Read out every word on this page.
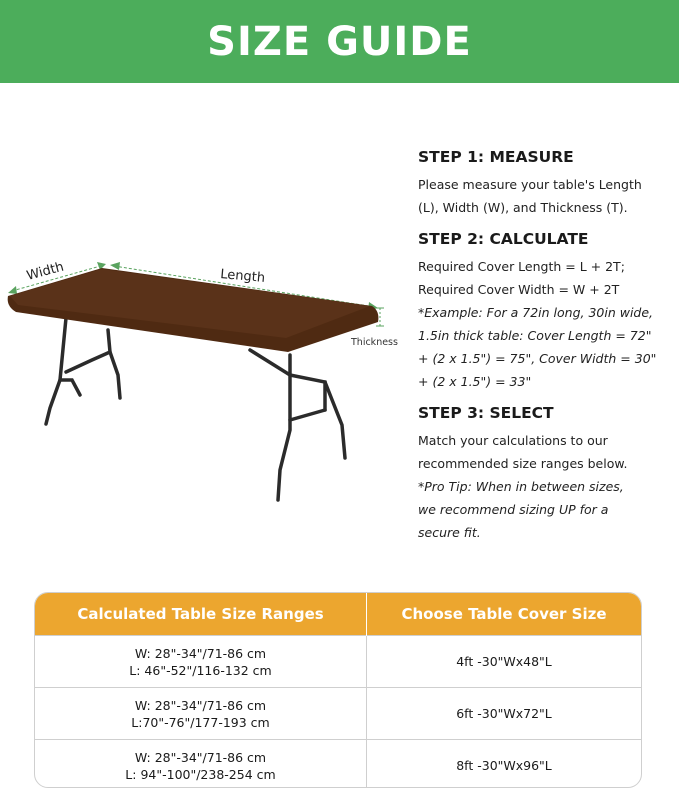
SIZE GUIDE
Width	Length
Thickness
STEP 1: MEASURE

Please measure your table's Length
(L), Width (W), and Thickness (T).

STEP 2: CALCULATE

Required Cover Length = L + 2T;
Required Cover Width = W + 2T
*Example: For a 72in long, 30in wide,
1.5in thick table: Cover Length = 72"
+ (2 x 1.5") = 75", Cover Width = 30"
+ (2 x 1.5") = 33"

STEP 3: SELECT

Match your calculations to our
recommended size ranges below.
*Pro Tip: When in between sizes,
we recommend sizing UP for a
secure fit.

Calculated Table Size Ranges	Choose Table Cover Size

W: 28"-34"/71-86 cm
L: 46"-52"/116-132 cm	4ft -30"Wx48"L

W: 28"-34"/71-86 cm
L:70"-76"/177-193 cm	6ft -30"Wx72"L

W: 28"-34"/71-86 cm
L: 94"-100"/238-254 cm	8ft -30"Wx96"L
